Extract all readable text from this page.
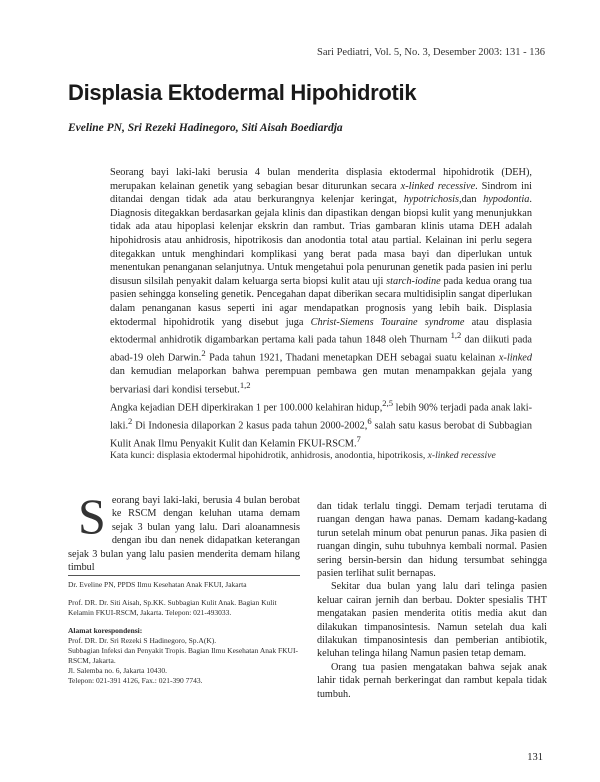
Sari Pediatri, Vol. 5, No. 3, Desember 2003: 131 - 136
Displasia Ektodermal Hipohidrotik
Eveline PN, Sri Rezeki Hadinegoro, Siti Aisah Boediardja

Seorang bayi laki-laki berusia 4 bulan menderita displasia ektodermal hipohidrotik (DEH), merupakan kelainan genetik yang sebagian besar diturunkan secara x-linked recessive. Sindrom ini ditandai dengan tidak ada atau berkurangnya kelenjar keringat, hypotrichosis,dan hypodontia. Diagnosis ditegakkan berdasarkan gejala klinis dan dipastikan dengan biopsi kulit yang menunjukkan tidak ada atau hipoplasi kelenjar ekskrin dan rambut. Trias gambaran klinis utama DEH adalah hipohidrosis atau anhidrosis, hipotrikosis dan anodontia total atau partial. Kelainan ini perlu segera ditegakkan untuk menghindari komplikasi yang berat pada masa bayi dan diperlukan untuk menentukan penanganan selanjutnya. Untuk mengetahui pola penurunan genetik pada pasien ini perlu disusun silsilah penyakit dalam keluarga serta biopsi kulit atau uji starch-iodine pada kedua orang tua pasien sehingga konseling genetik. Pencegahan dapat diberikan secara multidisiplin sangat diperlukan dalam penanganan kasus seperti ini agar mendapatkan prognosis yang lebih baik. Displasia ektodermal hipohidrotik yang disebut juga Christ-Siemens Touraine syndrome atau displasia ektodermal anhidrotik digambarkan pertama kali pada tahun 1848 oleh Thurnam $^{1,2}$ dan diikuti pada abad-19 oleh Darwin.$^2$ Pada tahun 1921, Thadani menetapkan DEH sebagai suatu kelainan x-linked dan kemudian melaporkan bahwa perempuan pembawa gen mutan menampakkan gejala yang bervariasi dari kondisi tersebut.$^{1,2}$

Angka kejadian DEH diperkirakan 1 per 100.000 kelahiran hidup,$^{2,5}$ lebih 90% terjadi pada anak laki-laki.$^2$ Di Indonesia dilaporkan 2 kasus pada tahun 2000-2002,$^6$ salah satu kasus berobat di Subbagian Kulit Anak Ilmu Penyakit Kulit dan Kelamin FKUI-RSCM.$^7$

Kata kunci: displasia ektodermal hipohidrotik, anhidrosis, anodontia, hipotrikosis, x-linked recessive
Seorang bayi laki-laki, berusia 4 bulan berobat ke RSCM dengan keluhan utama demam sejak 3 bulan yang lalu. Dari aloanamnesis dengan ibu dan nenek didapatkan keterangan sejak 3 bulan yang lalu pasien menderita demam hilang timbul

Dr. Eveline PN, PPDS Ilmu Kesehatan Anak FKUI, Jakarta

Prof. DR. Dr. Siti Aisah, Sp.KK. Subbagian Kulit Anak. Bagian Kulit Kelamin FKUI-RSCM, Jakarta. Telepon: 021-493033.

Alamat korespondensi:

Prof. DR. Dr. Sri Rezeki S Hadinegoro, Sp.A(K).

Subbagian Infeksi dan Penyakit Tropis. Bagian Ilmu Kesehatan Anak FKUI-RSCM, Jakarta.

Jl. Salemba no. 6, Jakarta 10430.

Telepon: 021-391 4126, Fax.: 021-390 7743.

dan tidak terlalu tinggi. Demam terjadi terutama di ruangan dengan hawa panas. Demam kadang-kadang turun setelah minum obat penurun panas. Jika pasien di ruangan dingin, suhu tubuhnya kembali normal. Pasien sering bersin-bersin dan hidung tersumbat sehingga pasien terlihat sulit bernapas.

Sekitar dua bulan yang lalu dari telinga pasien keluar cairan jernih dan berbau. Dokter spesialis THT mengatakan pasien menderita otitis media akut dan dilakukan timpanosintesis. Namun setelah dua kali dilakukan timpanosintesis dan pemberian antibiotik, keluhan telinga hilang Namun pasien tetap demam.

Orang tua pasien mengatakan bahwa sejak anak lahir tidak pernah berkeringat dan rambut kepala tidak tumbuh.

131
